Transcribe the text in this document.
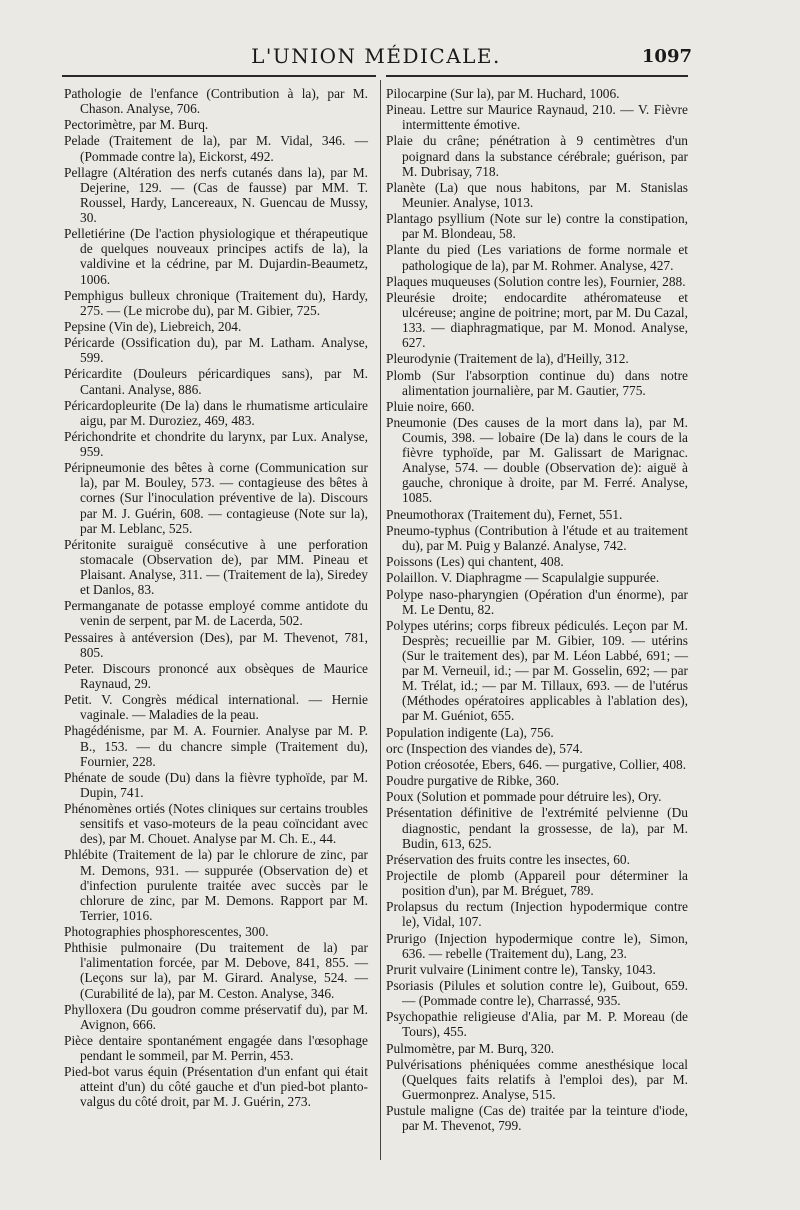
L'UNION MÉDICALE.	1097

Pathologie de l'enfance (Contribution à la), par M. Chason. Analyse, 706.

Pectorimètre, par M. Burq.

Pelade (Traitement de la), par M. Vidal, 346. — (Pommade contre la), Eickorst, 492.

Pellagre (Altération des nerfs cutanés dans la), par M. Dejerine, 129. — (Cas de fausse) par MM. T. Roussel, Hardy, Lancereaux, N. Guencau de Mussy, 30.

Pelletiérine (De l'action physiologique et thérapeutique de quelques nouveaux principes actifs de la), la valdivine et la cédrine, par M. Dujardin-Beaumetz, 1006.

Pemphigus bulleux chronique (Traitement du), Hardy, 275. — (Le microbe du), par M. Gibier, 725.

Pepsine (Vin de), Liebreich, 204.

Péricarde (Ossification du), par M. Latham. Analyse, 599.

Péricardite (Douleurs péricardiques sans), par M. Cantani. Analyse, 886.

Péricardopleurite (De la) dans le rhumatisme articulaire aigu, par M. Duroziez, 469, 483.

Périchondrite et chondrite du larynx, par Lux. Analyse, 959.

Péripneumonie des bêtes à corne (Communication sur la), par M. Bouley, 573. — contagieuse des bêtes à cornes (Sur l'inoculation préventive de la). Discours par M. J. Guérin, 608. — contagieuse (Note sur la), par M. Leblanc, 525.

Péritonite suraiguë consécutive à une perforation stomacale (Observation de), par MM. Pineau et Plaisant. Analyse, 311. — (Traitement de la), Siredey et Danlos, 83.

Permanganate de potasse employé comme antidote du venin de serpent, par M. de Lacerda, 502.

Pessaires à antéversion (Des), par M. Thevenot, 781, 805.

Peter. Discours prononcé aux obsèques de Maurice Raynaud, 29.

Petit. V. Congrès médical international. — Hernie vaginale. — Maladies de la peau.

Phagédénisme, par M. A. Fournier. Analyse par M. P. B., 153. — du chancre simple (Traitement du), Fournier, 228.

Phénate de soude (Du) dans la fièvre typhoïde, par M. Dupin, 741.

Phénomènes ortiés (Notes cliniques sur certains troubles sensitifs et vaso-moteurs de la peau coïncidant avec des), par M. Chouet. Analyse par M. Ch. E., 44.

Phlébite (Traitement de la) par le chlorure de zinc, par M. Demons, 931. — suppurée (Observation de) et d'infection purulente traitée avec succès par le chlorure de zinc, par M. Demons. Rapport par M. Terrier, 1016.

Photographies phosphorescentes, 300.

Phthisie pulmonaire (Du traitement de la) par l'alimentation forcée, par M. Debove, 841, 855. — (Leçons sur la), par M. Girard. Analyse, 524. — (Curabilité de la), par M. Ceston. Analyse, 346.

Phylloxera (Du goudron comme préservatif du), par M. Avignon, 666.

Pièce dentaire spontanément engagée dans l'œsophage pendant le sommeil, par M. Perrin, 453.

Pied-bot varus équin (Présentation d'un enfant qui était atteint d'un) du côté gauche et d'un pied-bot planto-valgus du côté droit, par M. J. Guérin, 273.

Pilocarpine (Sur la), par M. Huchard, 1006.

Pineau. Lettre sur Maurice Raynaud, 210. — V. Fièvre intermittente émotive.

Plaie du crâne; pénétration à 9 centimètres d'un poignard dans la substance cérébrale; guérison, par M. Dubrisay, 718.

Planète (La) que nous habitons, par M. Stanislas Meunier. Analyse, 1013.

Plantago psyllium (Note sur le) contre la constipation, par M. Blondeau, 58.

Plante du pied (Les variations de forme normale et pathologique de la), par M. Rohmer. Analyse, 427.

Plaques muqueuses (Solution contre les), Fournier, 288.

Pleurésie droite; endocardite athéromateuse et ulcéreuse; angine de poitrine; mort, par M. Du Cazal, 133. — diaphragmatique, par M. Monod. Analyse, 627.

Pleurodynie (Traitement de la), d'Heilly, 312.

Plomb (Sur l'absorption continue du) dans notre alimentation journalière, par M. Gautier, 775.

Pluie noire, 660.

Pneumonie (Des causes de la mort dans la), par M. Coumis, 398. — lobaire (De la) dans le cours de la fièvre typhoïde, par M. Galissart de Marignac. Analyse, 574. — double (Observation de): aiguë à gauche, chronique à droite, par M. Ferré. Analyse, 1085.

Pneumothorax (Traitement du), Fernet, 551.

Pneumo-typhus (Contribution à l'étude et au traitement du), par M. Puig y Balanzé. Analyse, 742.

Poissons (Les) qui chantent, 408.

Polaillon. V. Diaphragme — Scapulalgie suppurée.

Polype naso-pharyngien (Opération d'un énorme), par M. Le Dentu, 82.

Polypes utérins; corps fibreux pédiculés. Leçon par M. Desprès; recueillie par M. Gibier, 109. — utérins (Sur le traitement des), par M. Léon Labbé, 691; — par M. Verneuil, id.; — par M. Gosselin, 692; — par M. Trélat, id.; — par M. Tillaux, 693. — de l'utérus (Méthodes opératoires applicables à l'ablation des), par M. Guéniot, 655.

Population indigente (La), 756.

orc (Inspection des viandes de), 574.

Potion créosotée, Ebers, 646. — purgative, Collier, 408.

Poudre purgative de Ribke, 360.

Poux (Solution et pommade pour détruire les), Ory.

Présentation définitive de l'extrémité pelvienne (Du diagnostic, pendant la grossesse, de la), par M. Budin, 613, 625.

Préservation des fruits contre les insectes, 60.

Projectile de plomb (Appareil pour déterminer la position d'un), par M. Bréguet, 789.

Prolapsus du rectum (Injection hypodermique contre le), Vidal, 107.

Prurigo (Injection hypodermique contre le), Simon, 636. — rebelle (Traitement du), Lang, 23.

Prurit vulvaire (Liniment contre le), Tansky, 1043.

Psoriasis (Pilules et solution contre le), Guibout, 659. — (Pommade contre le), Charrassé, 935.

Psychopathie religieuse d'Alia, par M. P. Moreau (de Tours), 455.

Pulmomètre, par M. Burq, 320.

Pulvérisations phéniquées comme anesthésique local (Quelques faits relatifs à l'emploi des), par M. Guermonprez. Analyse, 515.

Pustule maligne (Cas de) traitée par la teinture d'iode, par M. Thevenot, 799.
